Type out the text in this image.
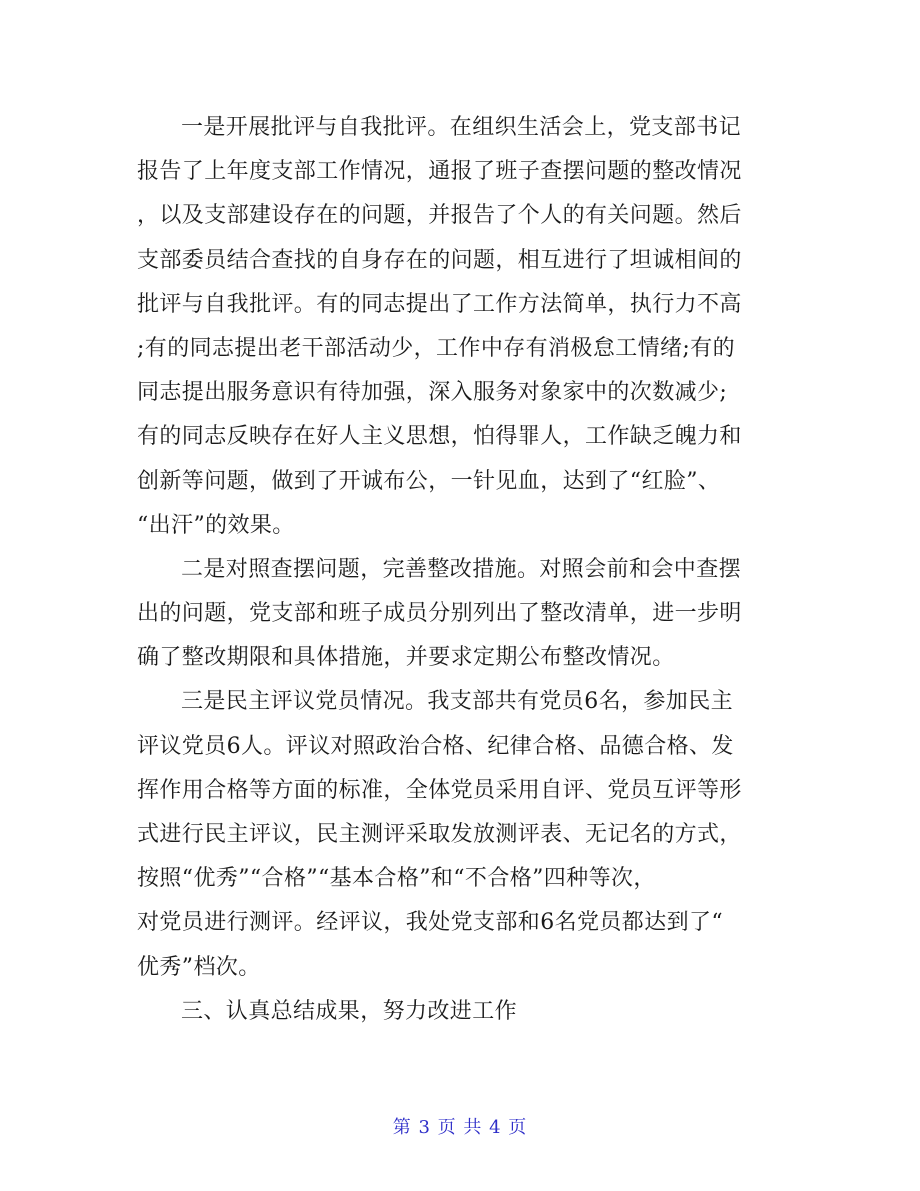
一是开展批评与自我批评。在组织生活会上，党支部书记
报告了上年度支部工作情况，通报了班子查摆问题的整改情况
，以及支部建设存在的问题，并报告了个人的有关问题。然后
支部委员结合查找的自身存在的问题，相互进行了坦诚相间的
批评与自我批评。有的同志提出了工作方法简单，执行力不高
;有的同志提出老干部活动少，工作中存有消极怠工情绪;有的
同志提出服务意识有待加强，深入服务对象家中的次数减少;
有的同志反映存在好人主义思想，怕得罪人，工作缺乏魄力和
创新等问题，做到了开诚布公，一针见血，达到了“红脸”、
“出汗”的效果。
二是对照查摆问题，完善整改措施。对照会前和会中查摆
出的问题，党支部和班子成员分别列出了整改清单，进一步明
确了整改期限和具体措施，并要求定期公布整改情况。
三是民主评议党员情况。我支部共有党员6名，参加民主
评议党员6人。评议对照政治合格、纪律合格、品德合格、发
挥作用合格等方面的标准，全体党员采用自评、党员互评等形
式进行民主评议，民主测评采取发放测评表、无记名的方式，
按照“优秀”“合格”“基本合格”和“不合格”四种等次，
对党员进行测评。经评议，我处党支部和6名党员都达到了“
优秀”档次。
三、认真总结成果，努力改进工作
第 3 页 共 4 页
